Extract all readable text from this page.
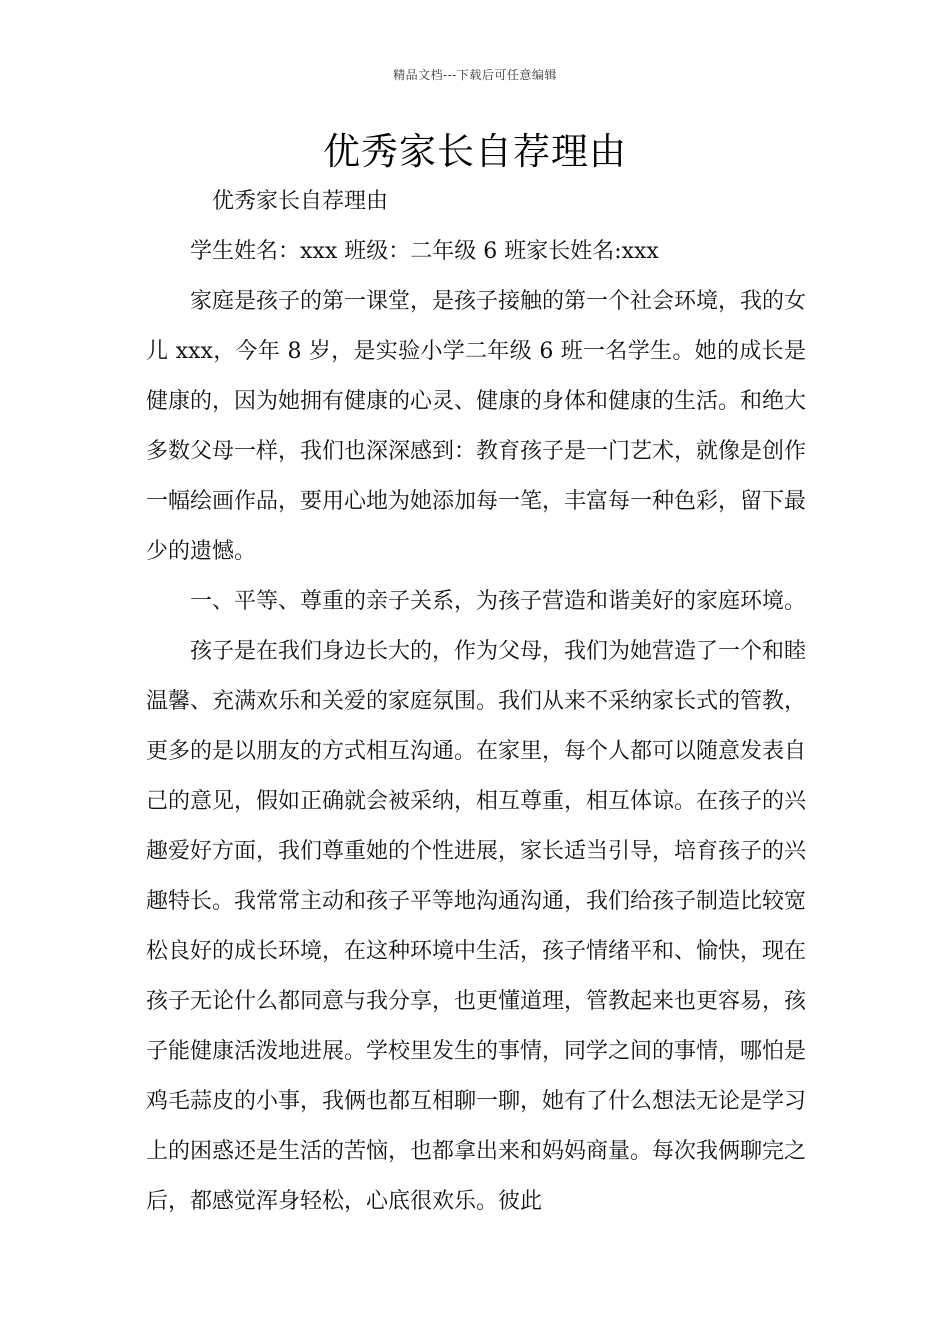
精品文档---下载后可任意编辑
优秀家长自荐理由

优秀家长自荐理由

学生姓名：xxx 班级：二年级 6 班家长姓名:xxx

家庭是孩子的第一课堂，是孩子接触的第一个社会环境，我的女儿 xxx，今年 8 岁，是实验小学二年级 6 班一名学生。她的成长是健康的，因为她拥有健康的心灵、健康的身体和健康的生活。和绝大多数父母一样，我们也深深感到：教育孩子是一门艺术，就像是创作一幅绘画作品，要用心地为她添加每一笔，丰富每一种色彩，留下最少的遗憾。

一、平等、尊重的亲子关系，为孩子营造和谐美好的家庭环境。

孩子是在我们身边长大的，作为父母，我们为她营造了一个和睦温馨、充满欢乐和关爱的家庭氛围。我们从来不采纳家长式的管教，更多的是以朋友的方式相互沟通。在家里，每个人都可以随意发表自己的意见，假如正确就会被采纳，相互尊重，相互体谅。在孩子的兴趣爱好方面，我们尊重她的个性进展，家长适当引导，培育孩子的兴趣特长。我常常主动和孩子平等地沟通沟通，我们给孩子制造比较宽松良好的成长环境，在这种环境中生活，孩子情绪平和、愉快，现在孩子无论什么都同意与我分享，也更懂道理，管教起来也更容易，孩子能健康活泼地进展。学校里发生的事情，同学之间的事情，哪怕是鸡毛蒜皮的小事，我俩也都互相聊一聊，她有了什么想法无论是学习上的困惑还是生活的苦恼，也都拿出来和妈妈商量。每次我俩聊完之后，都感觉浑身轻松，心底很欢乐。彼此
